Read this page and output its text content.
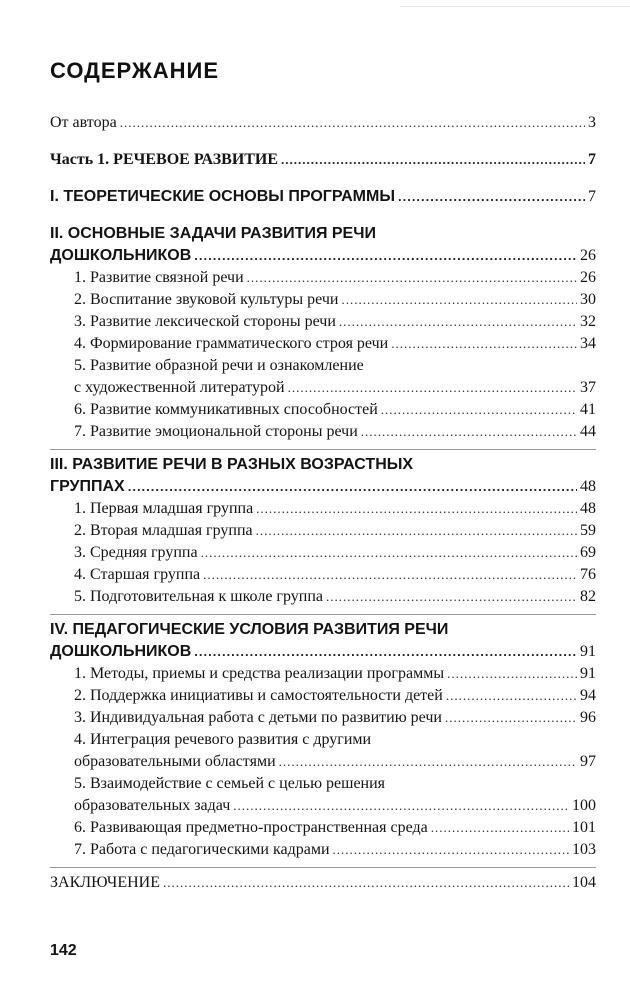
СОДЕРЖАНИЕ
От автора .....	3
Часть 1. РЕЧЕВОЕ РАЗВИТИЕ .....	7
I. ТЕОРЕТИЧЕСКИЕ ОСНОВЫ ПРОГРАММЫ .....	7
II. ОСНОВНЫЕ ЗАДАЧИ РАЗВИТИЯ РЕЧИ
ДОШКОЛЬНИКОВ .....	26
1. Развитие связной речи .....	26
2. Воспитание звуковой культуры речи .....	30
3. Развитие лексической стороны речи .....	32
4. Формирование грамматического строя речи .....	34
5. Развитие образной речи и ознакомление
с художественной литературой .....	37
6. Развитие коммуникативных способностей .....	41
7. Развитие эмоциональной стороны речи .....	44
III. РАЗВИТИЕ РЕЧИ В РАЗНЫХ ВОЗРАСТНЫХ
ГРУППАХ .....	48
1. Первая младшая группа .....	48
2. Вторая младшая группа .....	59
3. Средняя группа .....	69
4. Старшая группа .....	76
5. Подготовительная к школе группа .....	82
IV. ПЕДАГОГИЧЕСКИЕ УСЛОВИЯ РАЗВИТИЯ РЕЧИ
ДОШКОЛЬНИКОВ .....	91
1. Методы, приемы и средства реализации программы .....	91
2. Поддержка инициативы и самостоятельности детей .....	94
3. Индивидуальная работа с детьми по развитию речи .....	96
4. Интеграция речевого развития с другими
образовательными областями .....	97
5. Взаимодействие с семьей с целью решения
образовательных задач .....	100
6. Развивающая предметно-пространственная среда .....	101
7. Работа с педагогическими кадрами .....	103
ЗАКЛЮЧЕНИЕ .....	104
142
